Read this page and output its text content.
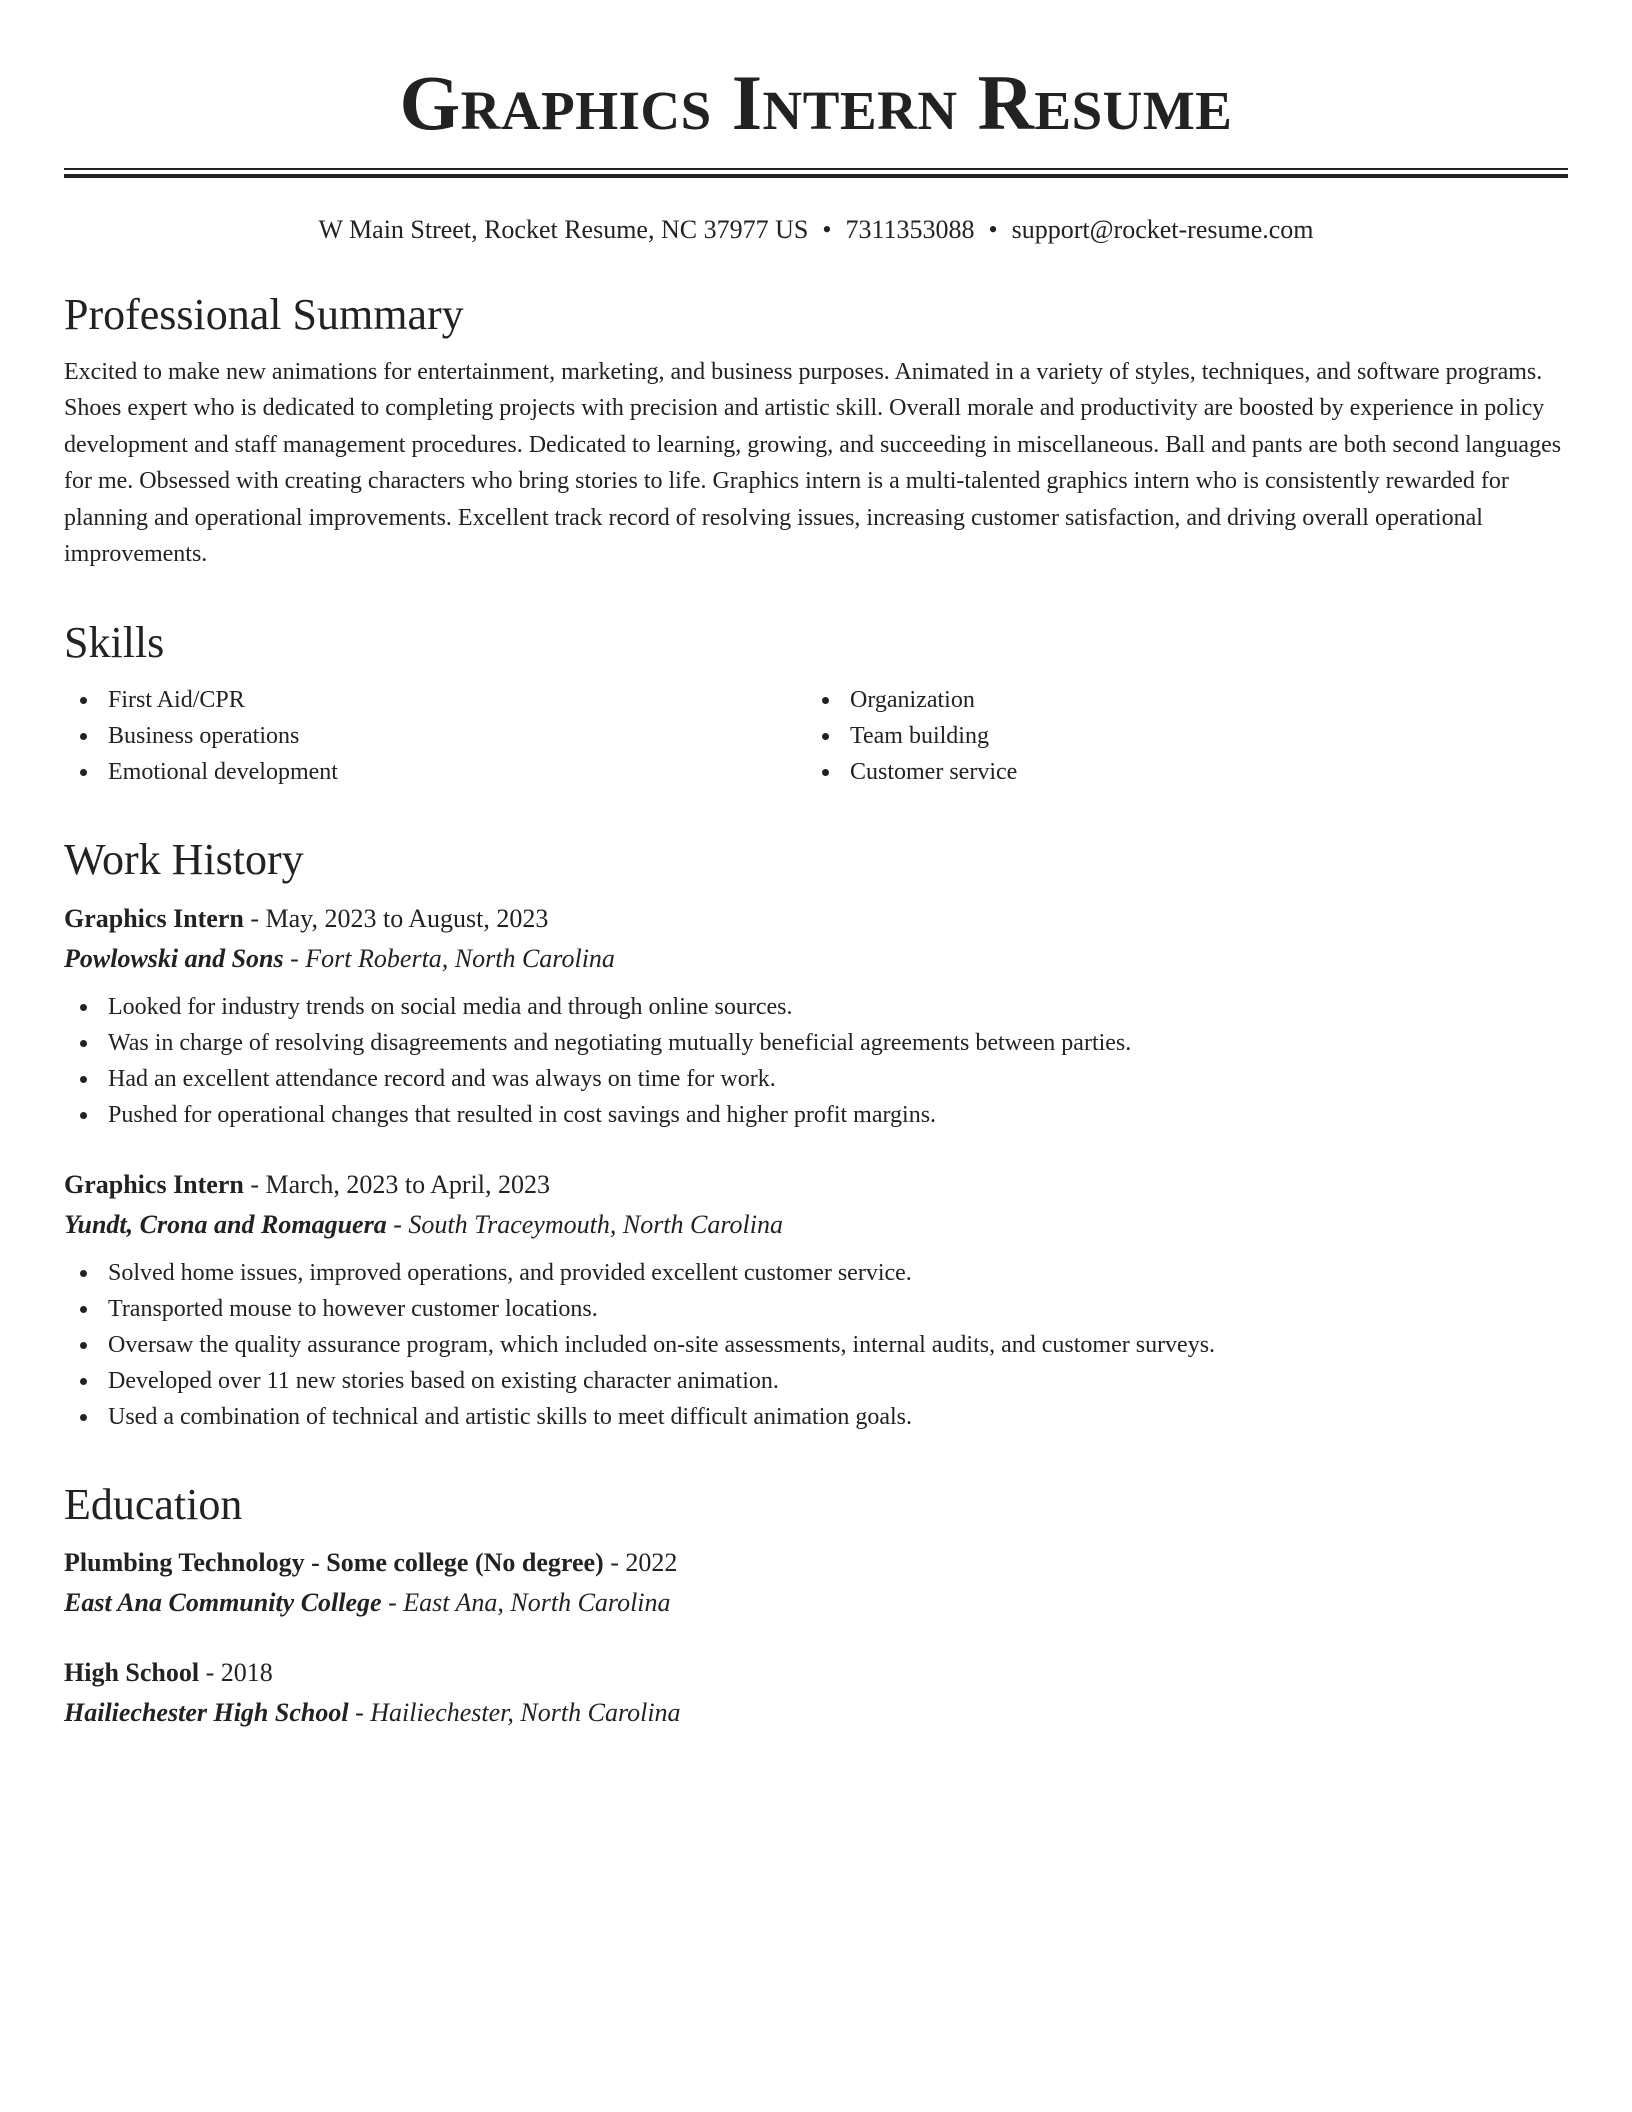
Graphics Intern Resume
W Main Street, Rocket Resume, NC 37977 US • 7311353088 • support@rocket-resume.com
Professional Summary

Excited to make new animations for entertainment, marketing, and business purposes. Animated in a variety of styles, techniques, and software programs. Shoes expert who is dedicated to completing projects with precision and artistic skill. Overall morale and productivity are boosted by experience in policy development and staff management procedures. Dedicated to learning, growing, and succeeding in miscellaneous. Ball and pants are both second languages for me. Obsessed with creating characters who bring stories to life. Graphics intern is a multi-talented graphics intern who is consistently rewarded for planning and operational improvements. Excellent track record of resolving issues, increasing customer satisfaction, and driving overall operational improvements.

Skills
First Aid/CPR
Business operations
Emotional development
Organization
Team building
Customer service
Work History
Graphics Intern - May, 2023 to August, 2023
Powlowski and Sons - Fort Roberta, North Carolina
Looked for industry trends on social media and through online sources.
Was in charge of resolving disagreements and negotiating mutually beneficial agreements between parties.
Had an excellent attendance record and was always on time for work.
Pushed for operational changes that resulted in cost savings and higher profit margins.
Graphics Intern - March, 2023 to April, 2023
Yundt, Crona and Romaguera - South Traceymouth, North Carolina
Solved home issues, improved operations, and provided excellent customer service.
Transported mouse to however customer locations.
Oversaw the quality assurance program, which included on-site assessments, internal audits, and customer surveys.
Developed over 11 new stories based on existing character animation.
Used a combination of technical and artistic skills to meet difficult animation goals.
Education
Plumbing Technology - Some college (No degree) - 2022
East Ana Community College - East Ana, North Carolina
High School - 2018
Hailiechester High School - Hailiechester, North Carolina
